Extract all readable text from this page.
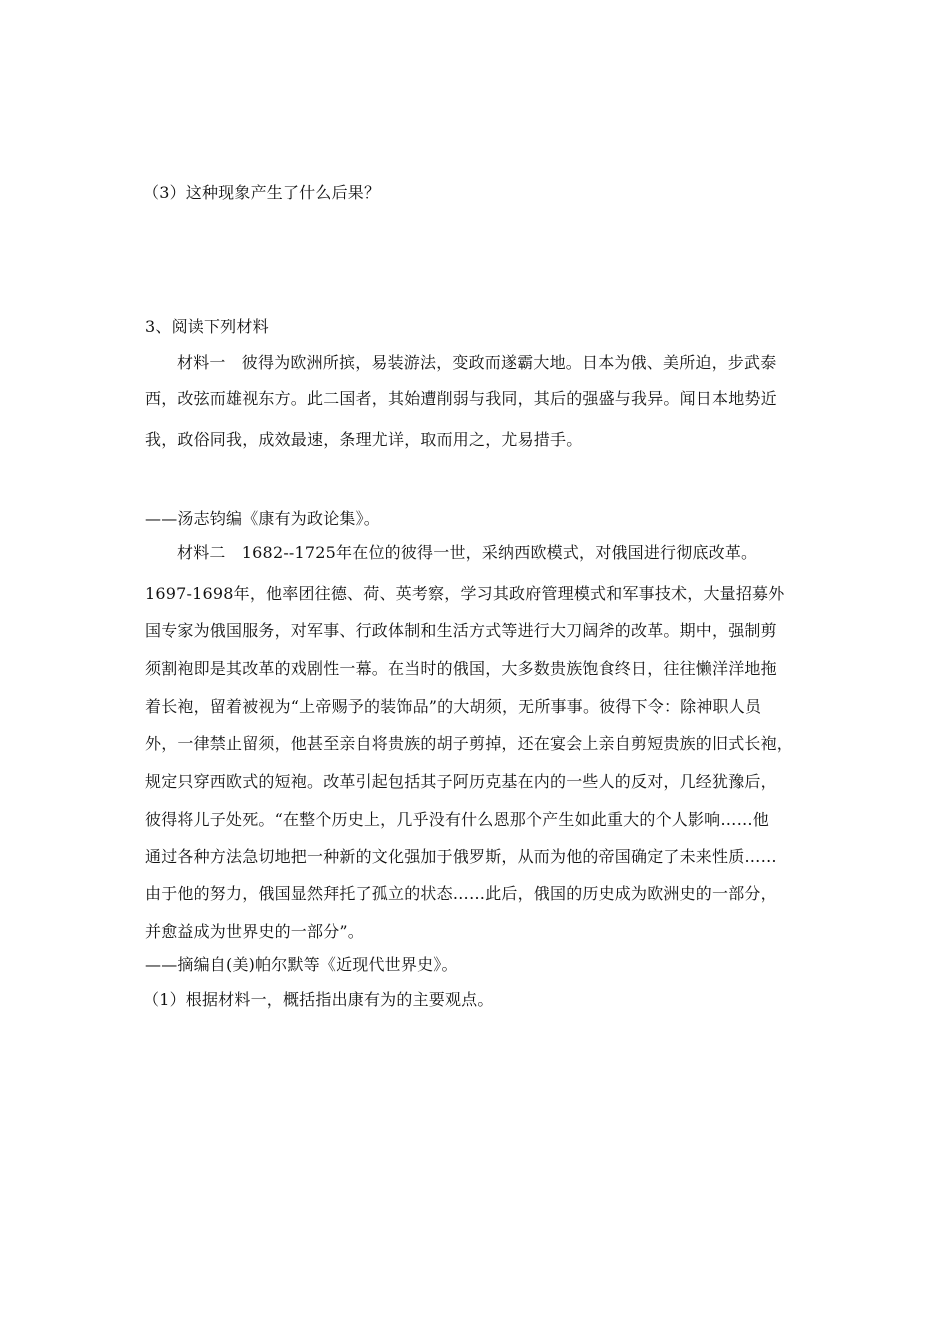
（3）这种现象产生了什么后果？
3、阅读下列材料
材料一　彼得为欧洲所摈，易装游法，变政而遂霸大地。日本为俄、美所迫，步武泰
西，改弦而雄视东方。此二国者，其始遭削弱与我同，其后的强盛与我异。闻日本地势近
我，政俗同我，成效最速，条理尤详，取而用之，尤易措手。
——汤志钧编《康有为政论集》。
材料二　1682--1725年在位的彼得一世，采纳西欧模式，对俄国进行彻底改革。
1697-1698年，他率团往德、荷、英考察，学习其政府管理模式和军事技术，大量招募外
国专家为俄国服务，对军事、行政体制和生活方式等进行大刀阔斧的改革。期中，强制剪
须割袍即是其改革的戏剧性一幕。在当时的俄国，大多数贵族饱食终日，往往懒洋洋地拖
着长袍，留着被视为“上帝赐予的装饰品”的大胡须，无所事事。彼得下令：除神职人员
外，一律禁止留须，他甚至亲自将贵族的胡子剪掉，还在宴会上亲自剪短贵族的旧式长袍，
规定只穿西欧式的短袍。改革引起包括其子阿历克基在内的一些人的反对，几经犹豫后，
彼得将儿子处死。“在整个历史上，几乎没有什么恩那个产生如此重大的个人影响……他
通过各种方法急切地把一种新的文化强加于俄罗斯，从而为他的帝国确定了未来性质……
由于他的努力，俄国显然拜托了孤立的状态……此后，俄国的历史成为欧洲史的一部分，
并愈益成为世界史的一部分”。
——摘编自(美)帕尔默等《近现代世界史》。
（1）根据材料一，概括指出康有为的主要观点。
